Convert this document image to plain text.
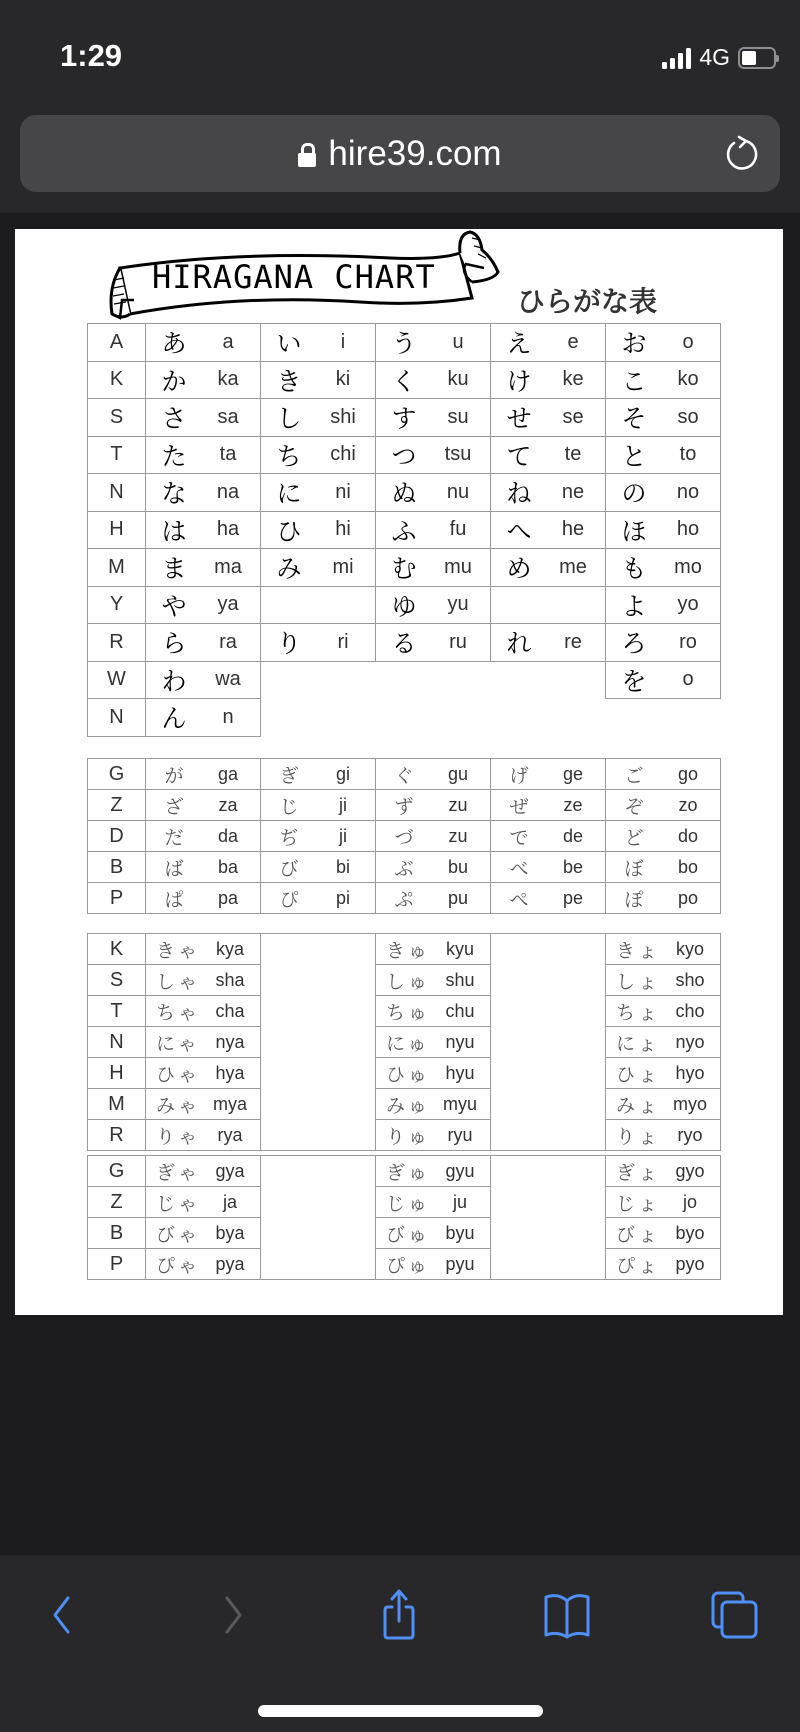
1:29	4G
hire39.com
HIRAGANA CHART
ひらがな表
A	あ a	い i	う u	え e	お o

K	か ka	き ki	く ku	け ke	こ ko

S	さ sa	し shi	す su	せ se	そ so

T	た ta	ち chi	つ tsu	て te	と to

N	な na	に ni	ぬ nu	ね ne	の no

H	は ha	ひ hi	ふ fu	へ he	ほ ho

M	ま ma	み mi	む mu	め me	も mo

Y	や ya		ゆ yu		よ yo

R	ら ra	り ri	る ru	れ re	ろ ro

W	わ wa				を o

N	ん n				

G	が ga	ぎ gi	ぐ gu	げ ge	ご go

Z	ざ za	じ ji	ず zu	ぜ ze	ぞ zo

D	だ da	ぢ ji	づ zu	で de	ど do

B	ば ba	び bi	ぶ bu	べ be	ぼ bo

P	ぱ pa	ぴ pi	ぷ pu	ぺ pe	ぽ po
K	きゃ kya		きゅ kyu		きょ kyo

S	しゃ sha		しゅ shu		しょ sho

T	ちゃ cha		ちゅ chu		ちょ cho

N	にゃ nya		にゅ nyu		にょ nyo

H	ひゃ hya		ひゅ hyu		ひょ hyo

M	みゃ mya		みゅ myu		みょ myo

R	りゃ rya		りゅ ryu		りょ ryo
G	ぎゃ gya		ぎゅ gyu		ぎょ gyo

Z	じゃ ja		じゅ ju		じょ jo

B	びゃ bya		びゅ byu		びょ byo

P	ぴゃ pya		ぴゅ pyu		ぴょ pyo
